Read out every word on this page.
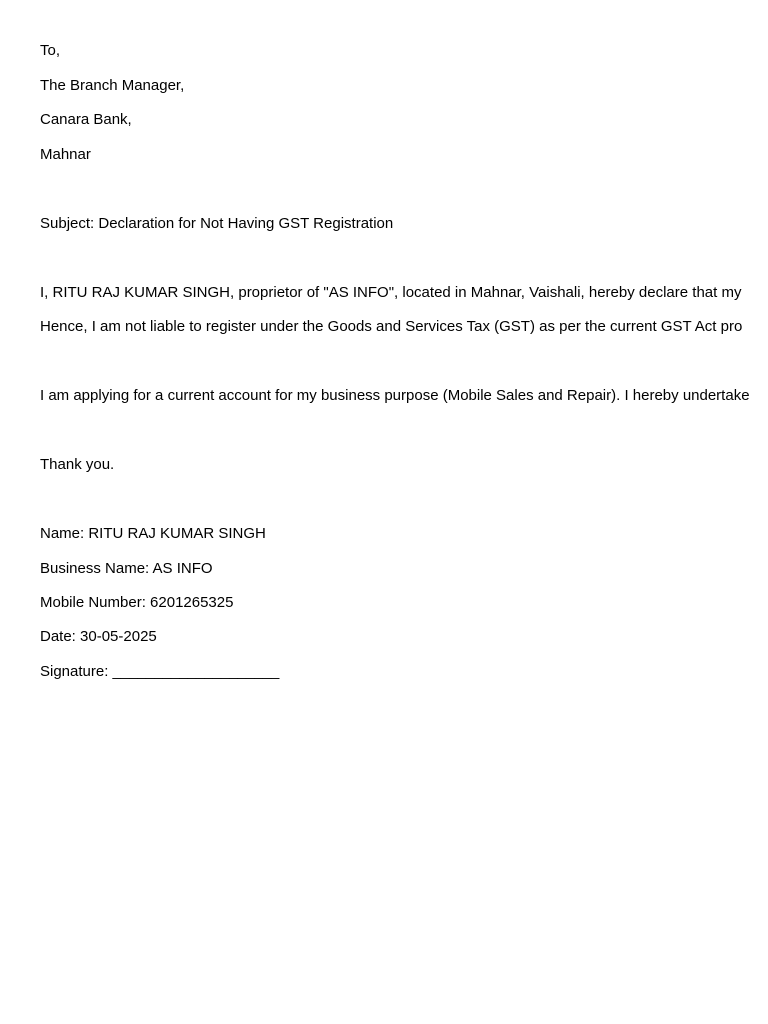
To,

The Branch Manager,

Canara Bank,

Mahnar

Subject: Declaration for Not Having GST Registration

I, RITU RAJ KUMAR SINGH, proprietor of "AS INFO", located in Mahnar, Vaishali, hereby declare that my

Hence, I am not liable to register under the Goods and Services Tax (GST) as per the current GST Act pro

I am applying for a current account for my business purpose (Mobile Sales and Repair). I hereby undertake

Thank you.

Name: RITU RAJ KUMAR SINGH

Business Name: AS INFO

Mobile Number: 6201265325

Date: 30-05-2025

Signature: ____________________
